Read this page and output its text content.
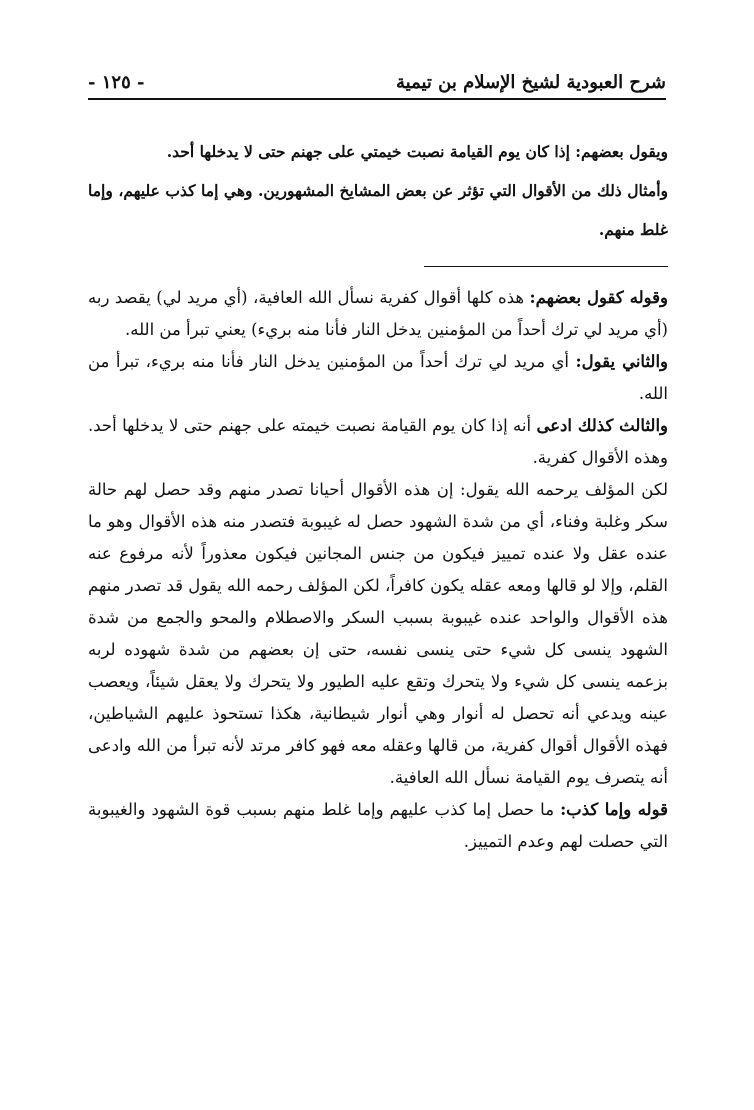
شرح العبودية لشيخ الإسلام بن تيمية
- ١٢٥ -

ويقول بعضهم: إذا كان يوم القيامة نصبت خيمتي على جهنم حتى لا يدخلها أحد.

وأمثال ذلك من الأقوال التي تؤثر عن بعض المشايخ المشهورين. وهي إما كذب عليهم، وإما غلط منهم.

وقوله كقول بعضهم: هذه كلها أقوال كفرية نسأل الله العافية، (أي مريد لي) يقصد ربه (أي مريد لي ترك أحداً من المؤمنين يدخل النار فأنا منه بريء) يعني تبرأ من الله.

والثاني يقول: أي مريد لي ترك أحداً من المؤمنين يدخل النار فأنا منه بريء، تبرأ من الله.

والثالث كذلك ادعى أنه إذا كان يوم القيامة نصبت خيمته على جهنم حتى لا يدخلها أحد. وهذه الأقوال كفرية.

لكن المؤلف يرحمه الله يقول: إن هذه الأقوال أحيانا تصدر منهم وقد حصل لهم حالة سكر وغلبة وفناء، أي من شدة الشهود حصل له غيبوبة فتصدر منه هذه الأقوال وهو ما عنده عقل ولا عنده تمييز فيكون من جنس المجانين فيكون معذوراً لأنه مرفوع عنه القلم، وإلا لو قالها ومعه عقله يكون كافراً، لكن المؤلف رحمه الله يقول قد تصدر منهم هذه الأقوال والواحد عنده غيبوبة بسبب السكر والاصطلام والمحو والجمع من شدة الشهود ينسى كل شيء حتى ينسى نفسه، حتى إن بعضهم من شدة شهوده لربه بزعمه ينسى كل شيء ولا يتحرك وتقع عليه الطيور ولا يتحرك ولا يعقل شيئاً، ويعصب عينه ويدعي أنه تحصل له أنوار وهي أنوار شيطانية، هكذا تستحوذ عليهم الشياطين، فهذه الأقوال أقوال كفرية، من قالها وعقله معه فهو كافر مرتد لأنه تبرأ من الله وادعى أنه يتصرف يوم القيامة نسأل الله العافية.

قوله وإما كذب: ما حصل إما كذب عليهم وإما غلط منهم بسبب قوة الشهود والغيبوبة التي حصلت لهم وعدم التمييز.
